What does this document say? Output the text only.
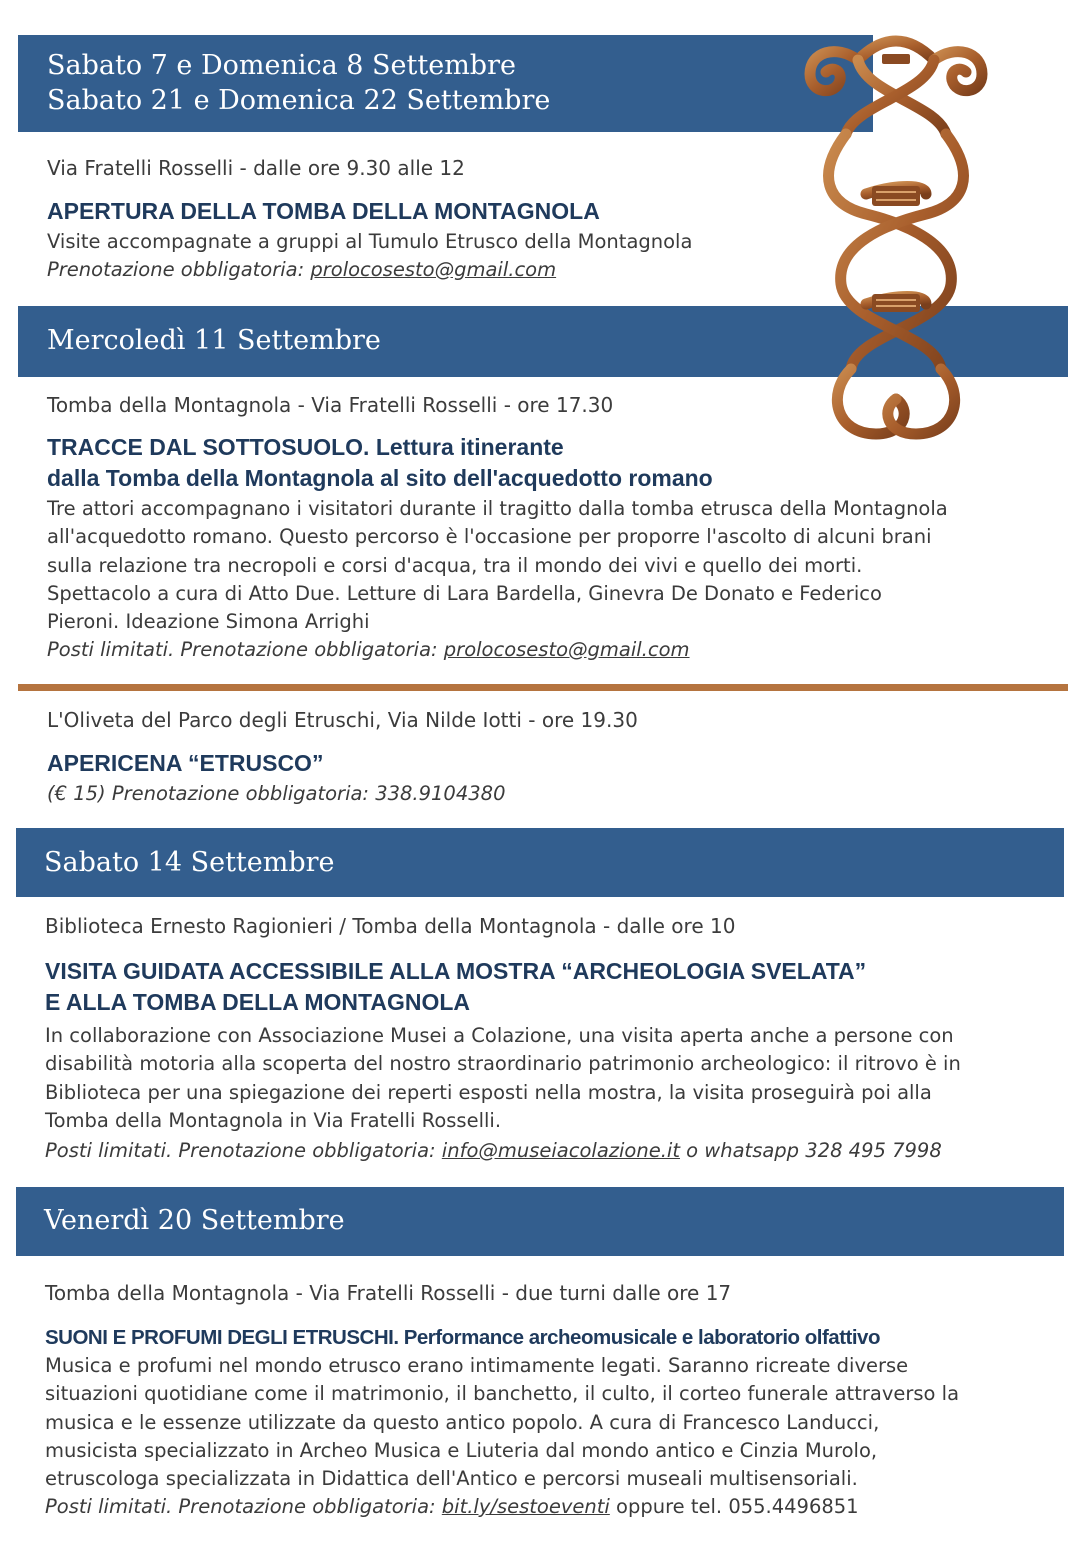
Sabato 7 e Domenica 8 Settembre
Sabato 21 e Domenica 22 Settembre
Via Fratelli Rosselli - dalle ore 9.30 alle 12
APERTURA DELLA TOMBA DELLA MONTAGNOLA
Visite accompagnate a gruppi al Tumulo Etrusco della Montagnola
Prenotazione obbligatoria: prolocosesto@gmail.com
Mercoledì 11 Settembre
Tomba della Montagnola - Via Fratelli Rosselli - ore 17.30
TRACCE DAL SOTTOSUOLO. Lettura itinerante
dalla Tomba della Montagnola al sito dell'acquedotto romano
Tre attori accompagnano i visitatori durante il tragitto dalla tomba etrusca della Montagnola
all'acquedotto romano. Questo percorso è l'occasione per proporre l'ascolto di alcuni brani
sulla relazione tra necropoli e corsi d'acqua, tra il mondo dei vivi e quello dei morti.
Spettacolo a cura di Atto Due. Letture di Lara Bardella, Ginevra De Donato e Federico
Pieroni. Ideazione Simona Arrighi
Posti limitati. Prenotazione obbligatoria: prolocosesto@gmail.com
L'Oliveta del Parco degli Etruschi, Via Nilde Iotti - ore 19.30
APERICENA “ETRUSCO”
(€ 15) Prenotazione obbligatoria: 338.9104380
Sabato 14 Settembre
Biblioteca Ernesto Ragionieri / Tomba della Montagnola - dalle ore 10
VISITA GUIDATA ACCESSIBILE ALLA MOSTRA “ARCHEOLOGIA SVELATA”
E ALLA TOMBA DELLA MONTAGNOLA
In collaborazione con Associazione Musei a Colazione, una visita aperta anche a persone con
disabilità motoria alla scoperta del nostro straordinario patrimonio archeologico: il ritrovo è in
Biblioteca per una spiegazione dei reperti esposti nella mostra, la visita proseguirà poi alla
Tomba della Montagnola in Via Fratelli Rosselli.
Posti limitati. Prenotazione obbligatoria: info@museiacolazione.it o whatsapp 328 495 7998
Venerdì 20 Settembre
Tomba della Montagnola - Via Fratelli Rosselli - due turni dalle ore 17
SUONI E PROFUMI DEGLI ETRUSCHI. Performance archeomusicale e laboratorio olfattivo
Musica e profumi nel mondo etrusco erano intimamente legati. Saranno ricreate diverse
situazioni quotidiane come il matrimonio, il banchetto, il culto, il corteo funerale attraverso la
musica e le essenze utilizzate da questo antico popolo. A cura di Francesco Landucci,
musicista specializzato in Archeo Musica e Liuteria dal mondo antico e Cinzia Murolo,
etruscologa specializzata in Didattica dell'Antico e percorsi museali multisensoriali.
Posti limitati. Prenotazione obbligatoria: bit.ly/sestoeventi oppure tel. 055.4496851
